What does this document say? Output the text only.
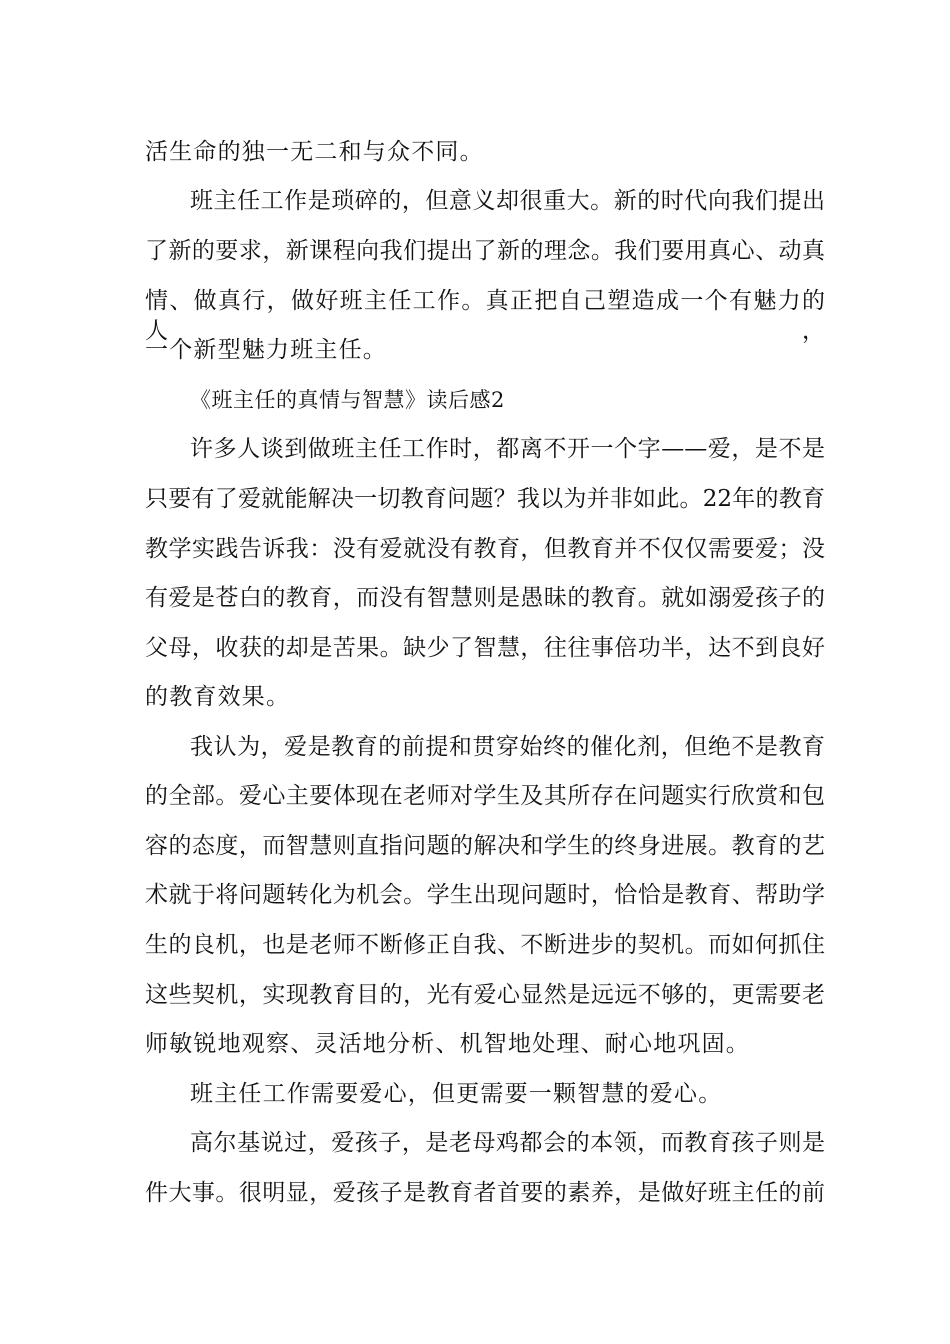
活生命的独一无二和与众不同。
班主任工作是琐碎的，但意义却很重大。新的时代向我们提出
了新的要求，新课程向我们提出了新的理念。我们要用真心、动真
情、做真行，做好班主任工作。真正把自己塑造成一个有魅力的人，
一个新型魅力班主任。
《班主任的真情与智慧》读后感2
许多人谈到做班主任工作时，都离不开一个字——爱，是不是
只要有了爱就能解决一切教育问题？我以为并非如此。22年的教育
教学实践告诉我：没有爱就没有教育，但教育并不仅仅需要爱；没
有爱是苍白的教育，而没有智慧则是愚昧的教育。就如溺爱孩子的
父母，收获的却是苦果。缺少了智慧，往往事倍功半，达不到良好
的教育效果。
我认为，爱是教育的前提和贯穿始终的催化剂，但绝不是教育
的全部。爱心主要体现在老师对学生及其所存在问题实行欣赏和包
容的态度，而智慧则直指问题的解决和学生的终身进展。教育的艺
术就于将问题转化为机会。学生出现问题时，恰恰是教育、帮助学
生的良机，也是老师不断修正自我、不断进步的契机。而如何抓住
这些契机，实现教育目的，光有爱心显然是远远不够的，更需要老
师敏锐地观察、灵活地分析、机智地处理、耐心地巩固。
班主任工作需要爱心，但更需要一颗智慧的爱心。
高尔基说过，爱孩子，是老母鸡都会的本领，而教育孩子则是
件大事。很明显，爱孩子是教育者首要的素养，是做好班主任的前
